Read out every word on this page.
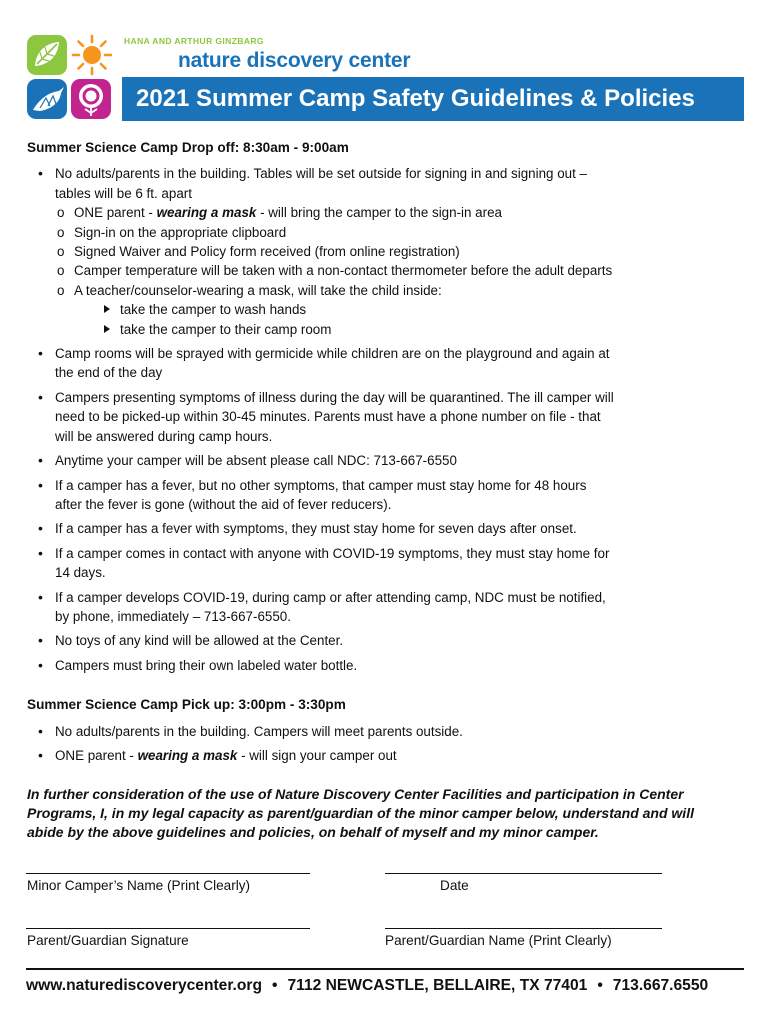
HANA AND ARTHUR GINZBARG
nature discovery center
2021 Summer Camp Safety Guidelines & Policies

Summer Science Camp Drop off: 8:30am - 9:00am

• No adults/parents in the building. Tables will be set outside for signing in and signing out –
tables will be 6 ft. apart
o ONE parent - wearing a mask - will bring the camper to the sign-in area
o Sign-in on the appropriate clipboard
o Signed Waiver and Policy form received (from online registration)
o Camper temperature will be taken with a non-contact thermometer before the adult departs
o A teacher/counselor-wearing a mask, will take the child inside:
take the camper to wash hands
take the camper to their camp room
• Camp rooms will be sprayed with germicide while children are on the playground and again at
the end of the day
• Campers presenting symptoms of illness during the day will be quarantined. The ill camper will
need to be picked-up within 30-45 minutes. Parents must have a phone number on file - that
will be answered during camp hours.
• Anytime your camper will be absent please call NDC: 713-667-6550
• If a camper has a fever, but no other symptoms, that camper must stay home for 48 hours
after the fever is gone (without the aid of fever reducers).
• If a camper has a fever with symptoms, they must stay home for seven days after onset.
• If a camper comes in contact with anyone with COVID-19 symptoms, they must stay home for
14 days.
• If a camper develops COVID-19, during camp or after attending camp, NDC must be notified,
by phone, immediately – 713-667-6550.
• No toys of any kind will be allowed at the Center.
• Campers must bring their own labeled water bottle.

Summer Science Camp Pick up: 3:00pm - 3:30pm

• No adults/parents in the building. Campers will meet parents outside.
• ONE parent - wearing a mask - will sign your camper out
In further consideration of the use of Nature Discovery Center Facilities and participation in Center
Programs, I, in my legal capacity as parent/guardian of the minor camper below, understand and will
abide by the above guidelines and policies, on behalf of myself and my minor camper.
Minor Camper’s Name (Print Clearly)	Date
Parent/Guardian Signature	Parent/Guardian Name (Print Clearly)
www.naturediscoverycenter.org • 7112 NEWCASTLE, BELLAIRE, TX 77401 • 713.667.6550
